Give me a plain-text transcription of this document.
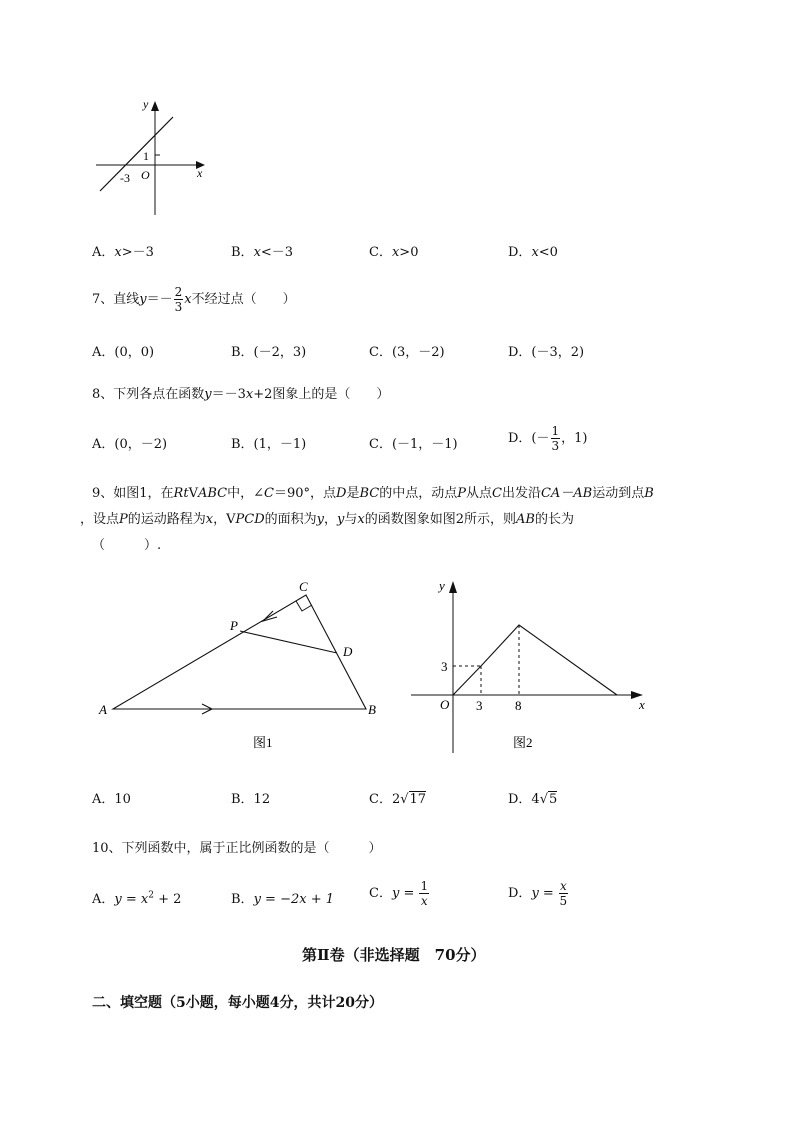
y
x
1
-3 O
A．x>－3	B．x<－3	C．x>0	D．x<0
7、直线$y=- \frac{2}{3}$ x不经过点（　　）
A．(0，0)	B．(－2，3)	C．(3，－2)	D．(－3，2)
8、下列各点在函数y＝－3x+2图象上的是（　　）
A．(0，－2)	B．(1，－1)	C．(－1，－1)	D．(－ $\frac{1}{3}$ ，1)
9、如图1，在RtVABC中，∠C＝90°，点D是BC的中点，动点P从点C出发沿CA－AB运动到点B
，设点P的运动路程为x，VPCD的面积为y，y与x的函数图象如图2所示，则AB的长为
（　　　）.
A	B
C
D
P
图1
y
x
O
3
3	8
图2
A．10	B．12	C．2√17	D．4√5
10、下列函数中，属于正比例函数的是（　　　）
A．$y = x^2 + 2$	B．y = −2x + 1	C．$y = \frac{1}{x}$	D．$y = \frac{x}{5}$
第Ⅱ卷（非选择题　70分）
二、填空题（5小题，每小题4分，共计20分）
